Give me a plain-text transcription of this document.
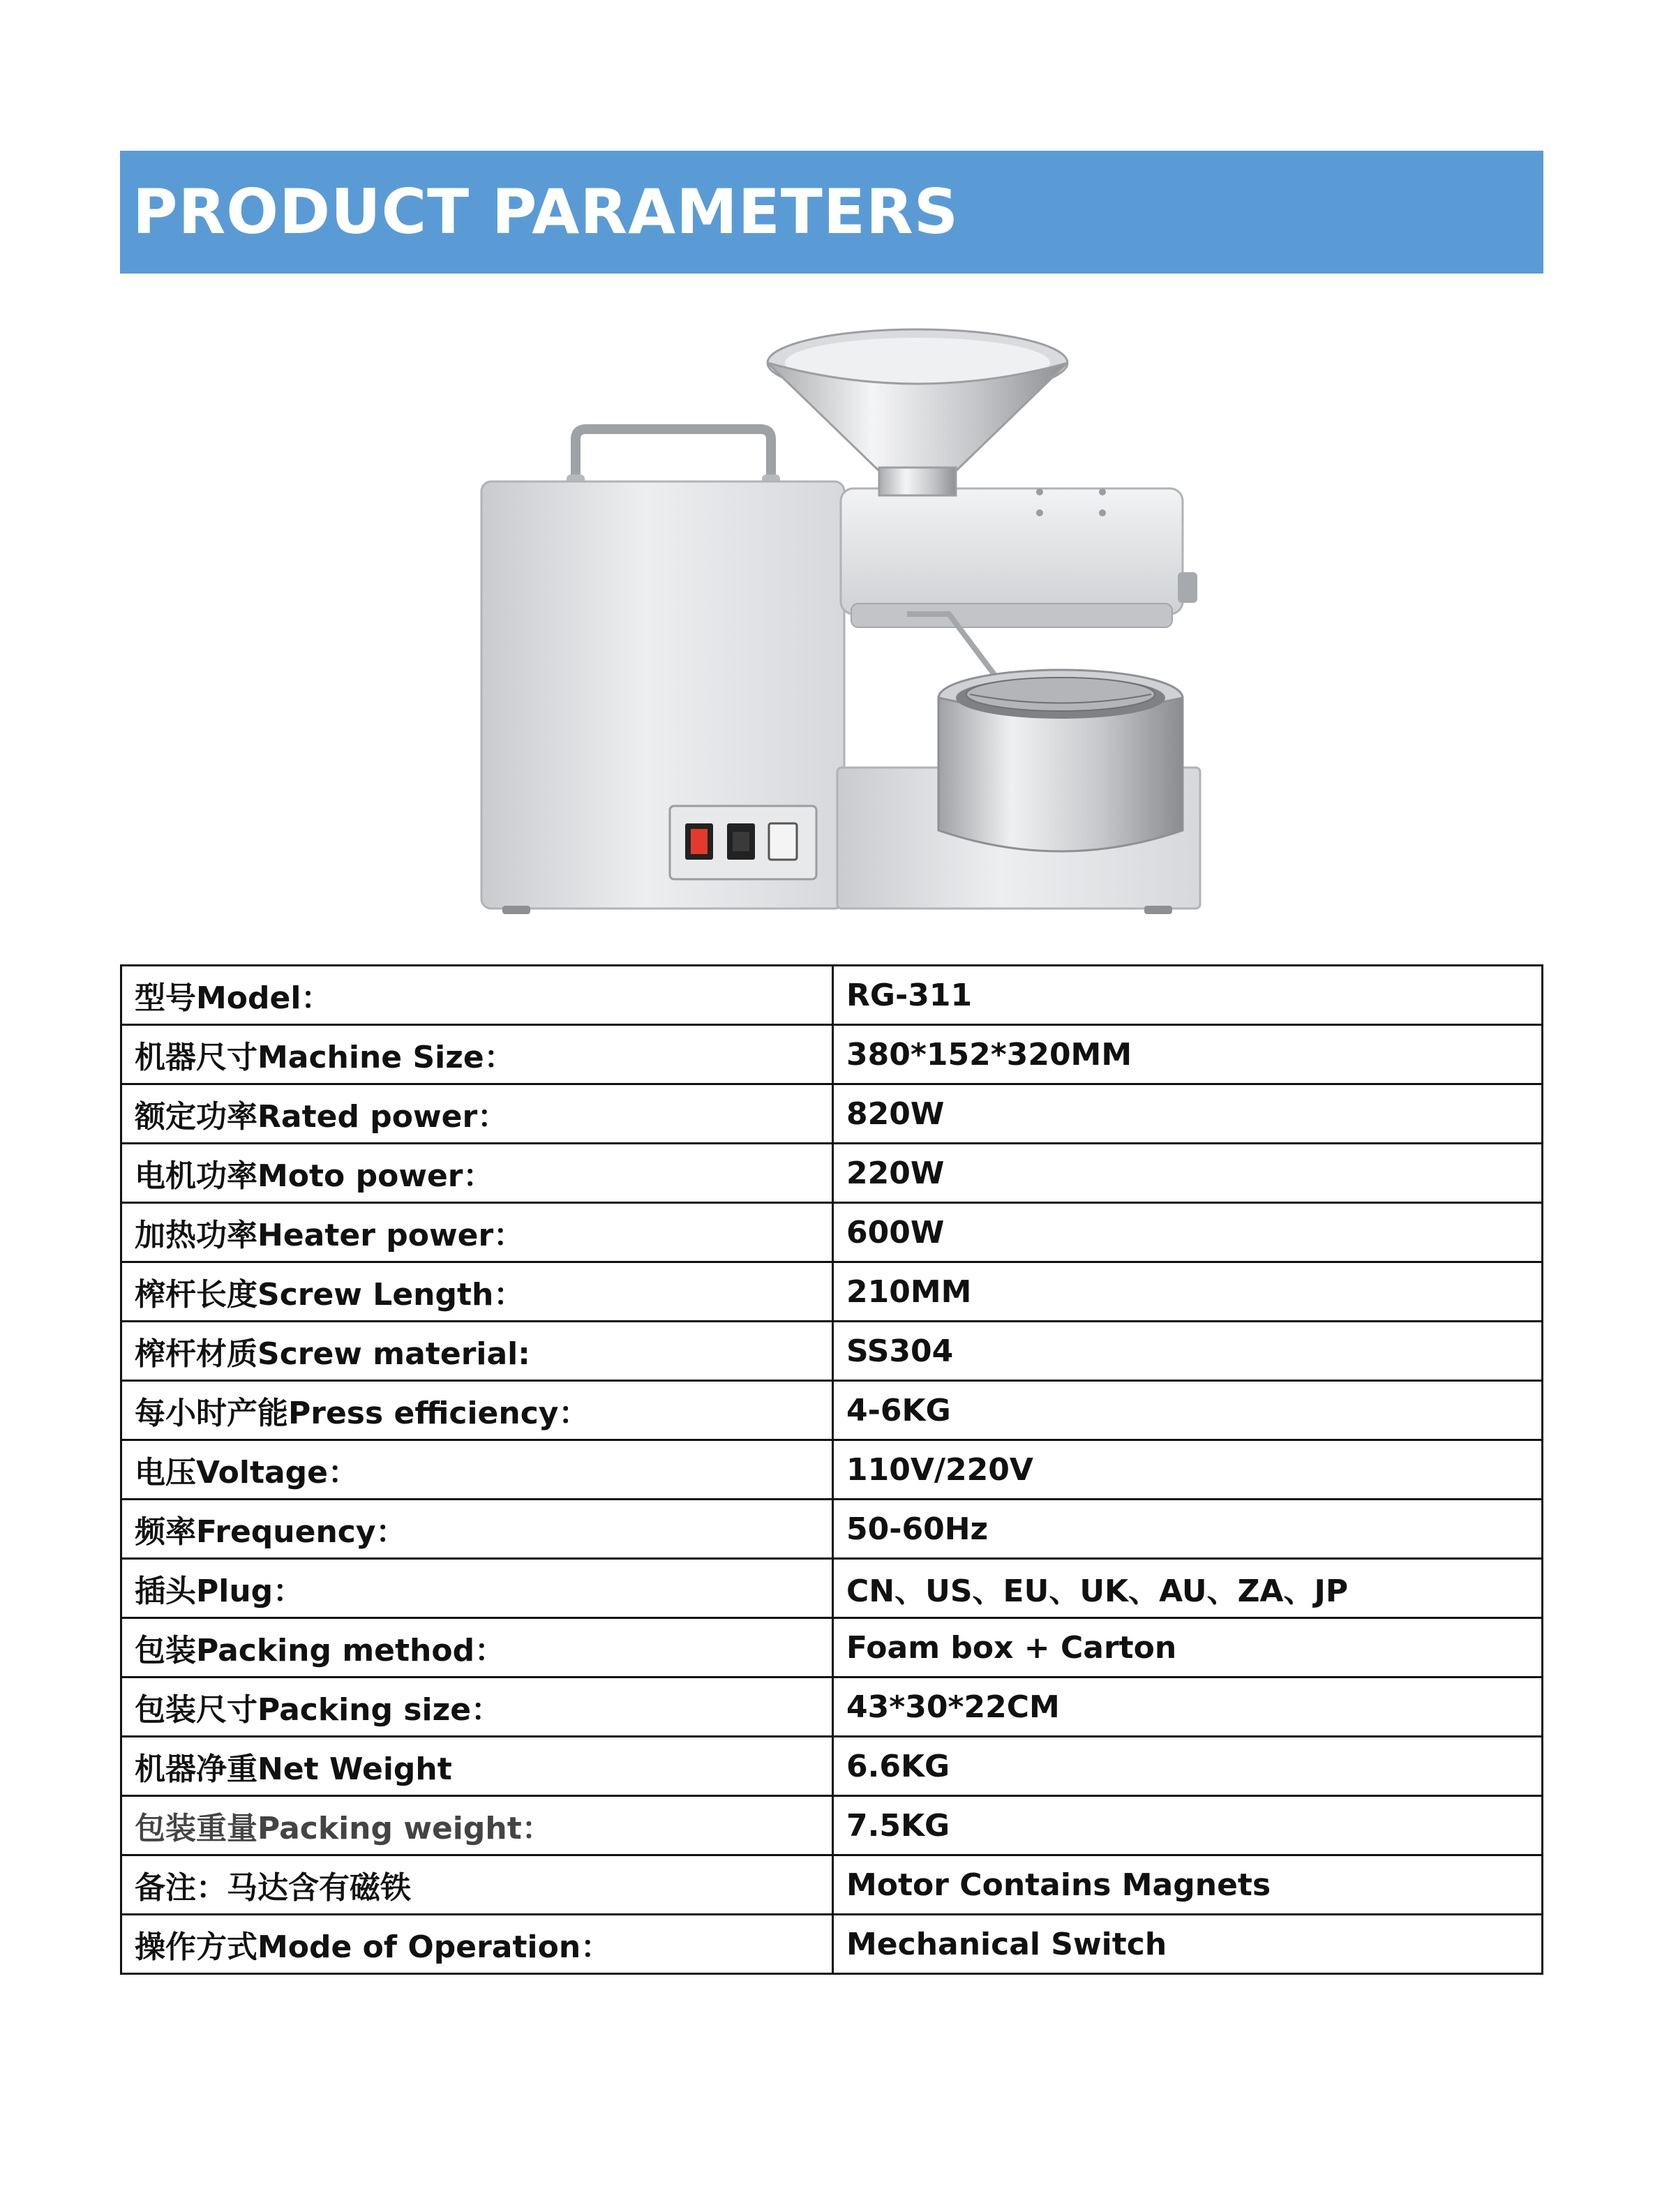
PRODUCT PARAMETERS
型号Model：	RG-311
机器尺寸Machine Size：	380*152*320MM
额定功率Rated power：	820W
电机功率Moto power：	220W
加热功率Heater power：	600W
榨杆长度Screw Length：	210MM
榨杆材质Screw material:	SS304
每小时产能Press efficiency：	4-6KG
电压Voltage：	110V/220V
频率Frequency：	50-60Hz
插头Plug：	CN、US、EU、UK、AU、ZA、JP
包装Packing method：	Foam box + Carton
包装尺寸Packing size：	43*30*22CM
机器净重Net Weight	6.6KG
包装重量Packing weight：	7.5KG
备注：马达含有磁铁	Motor Contains Magnets
操作方式Mode of Operation：	Mechanical Switch
